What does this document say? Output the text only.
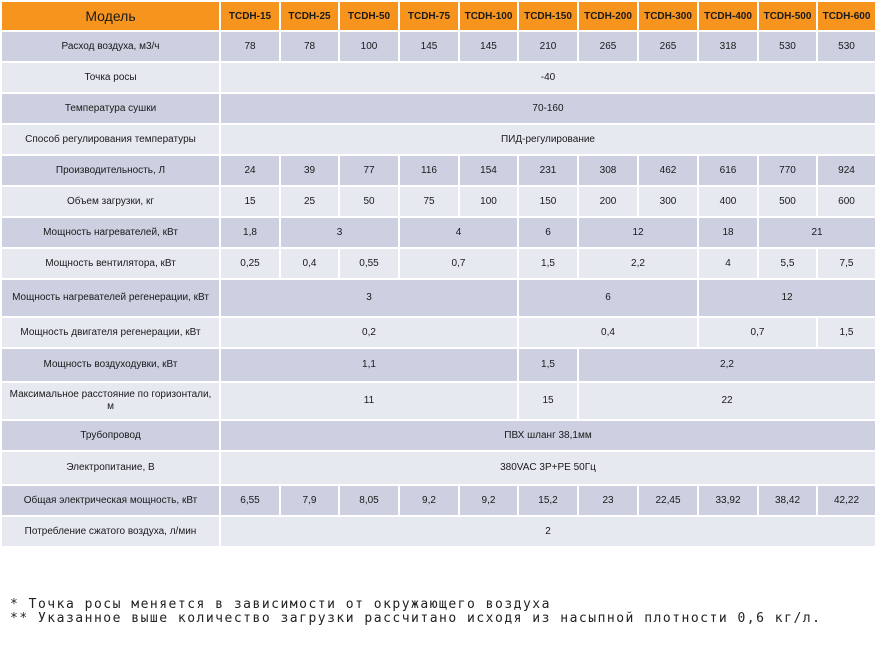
Модель	TCDH-15	TCDH-25	TCDH-50	TCDH-75	TCDH-100	TCDH-150	TCDH-200	TCDH-300	TCDH-400	TCDH-500	TCDH-600
Расход воздуха, м3/ч	78	78	100	145	145	210	265	265	318	530	530
Точка росы	-40										
Температура сушки	70-160										
Способ регулирования температуры	ПИД-регулирование										
Производительность, Л	24	39	77	116	154	231	308	462	616	770	924
Объем загрузки, кг	15	25	50	75	100	150	200	300	400	500	600
Мощность нагревателей, кВт	1,8	3		4		6	12		18	21	
Мощность вентилятора, кВт	0,25	0,4	0,55	0,7		1,5	2,2		4	5,5	7,5
Мощность нагревателей регенерации, кВт	3					6			12		
Мощность двигателя регенерации, кВт	0,2					0,4			0,7		1,5
Мощность воздуходувки, кВт	1,1					1,5	2,2				
Максимальное расстояние по горизонтали, м	11					15	22				
Трубопровод	ПВХ шланг 38,1мм										
Электропитание, В	380VAC 3P+PE 50Гц										
Общая электрическая мощность, кВт	6,55	7,9	8,05	9,2	9,2	15,2	23	22,45	33,92	38,42	42,22
Потребление сжатого воздуха, л/мин	2										
* Точка росы меняется в зависимости от окружающего воздуха
** Указанное выше количество загрузки рассчитано исходя из насыпной плотности 0,6 кг/л.
